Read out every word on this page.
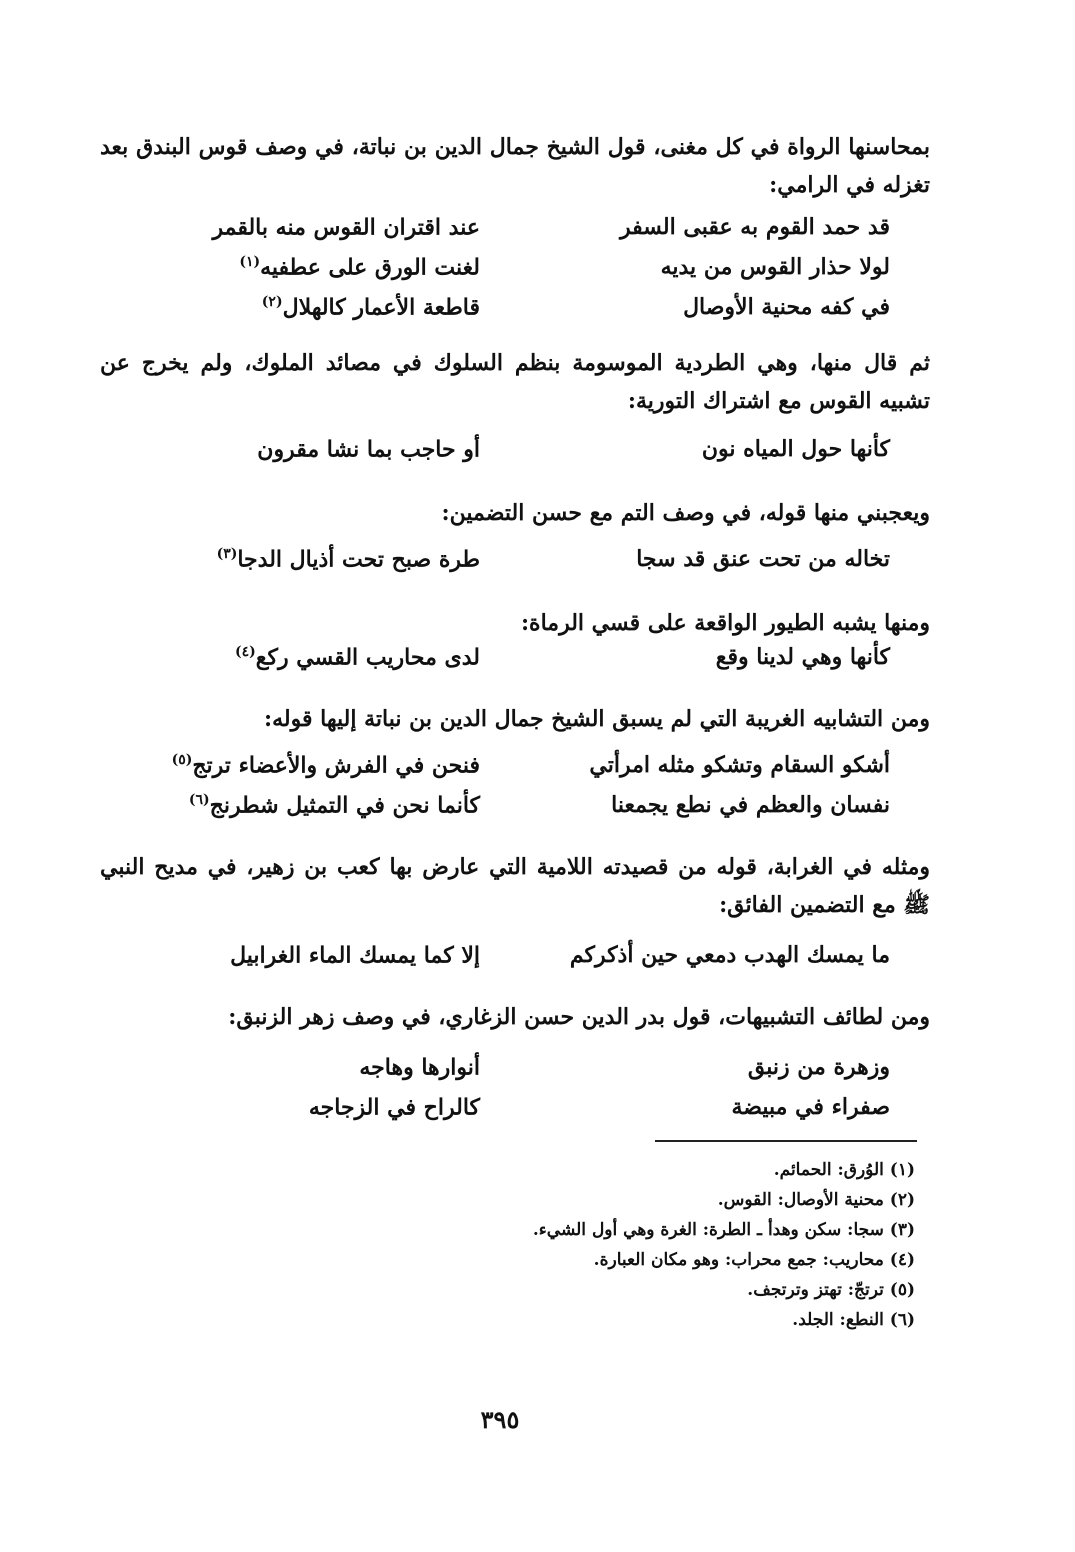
بمحاسنها الرواة في كل مغنى، قول الشيخ جمال الدين بن نباتة، في وصف قوس البندق بعد تغزله في الرامي:

قد حمد القوم به عقبى السفر
عند اقتران القوس منه بالقمر
لولا حذار القوس من يديه
لغنت الورق على عطفيه$^{(١)}$
في كفه محنية الأوصال
قاطعة الأعمار كالهلال$^{(٢)}$

ثم قال منها، وهي الطردية الموسومة بنظم السلوك في مصائد الملوك، ولم يخرج عن تشبيه القوس مع اشتراك التورية:

كأنها حول المياه نون
أو حاجب بما نشا مقرون

ويعجبني منها قوله، في وصف التم مع حسن التضمين:

تخاله من تحت عنق قد سجا
طرة صبح تحت أذيال الدجا$^{(٣)}$

ومنها يشبه الطيور الواقعة على قسي الرماة:

كأنها وهي لدينا وقع
لدى محاريب القسي ركع$^{(٤)}$

ومن التشابيه الغريبة التي لم يسبق الشيخ جمال الدين بن نباتة إليها قوله:

أشكو السقام وتشكو مثله امرأتي
فنحن في الفرش والأعضاء ترتج$^{(٥)}$
نفسان والعظم في نطع يجمعنا
كأنما نحن في التمثيل شطرنج$^{(٦)}$

ومثله في الغرابة، قوله من قصيدته اللامية التي عارض بها كعب بن زهير، في مديح النبي ﷺ مع التضمين الفائق:

ما يمسك الهدب دمعي حين أذكركم
إلا كما يمسك الماء الغرابيل

ومن لطائف التشبيهات، قول بدر الدين حسن الزغاري، في وصف زهر الزنبق:

وزهرة من زنبق
أنوارها وهاجه
صفراء في مبيضة
كالراح في الزجاجه
(١) الوُرق: الحمائم.
(٢) محنية الأوصال: القوس.
(٣) سجا: سكن وهدأ ـ الطرة: الغرة وهي أول الشيء.
(٤) محاريب: جمع محراب: وهو مكان العبارة.
(٥) ترتجّ: تهتز وترتجف.
(٦) النطع: الجلد.
٣٩٥
